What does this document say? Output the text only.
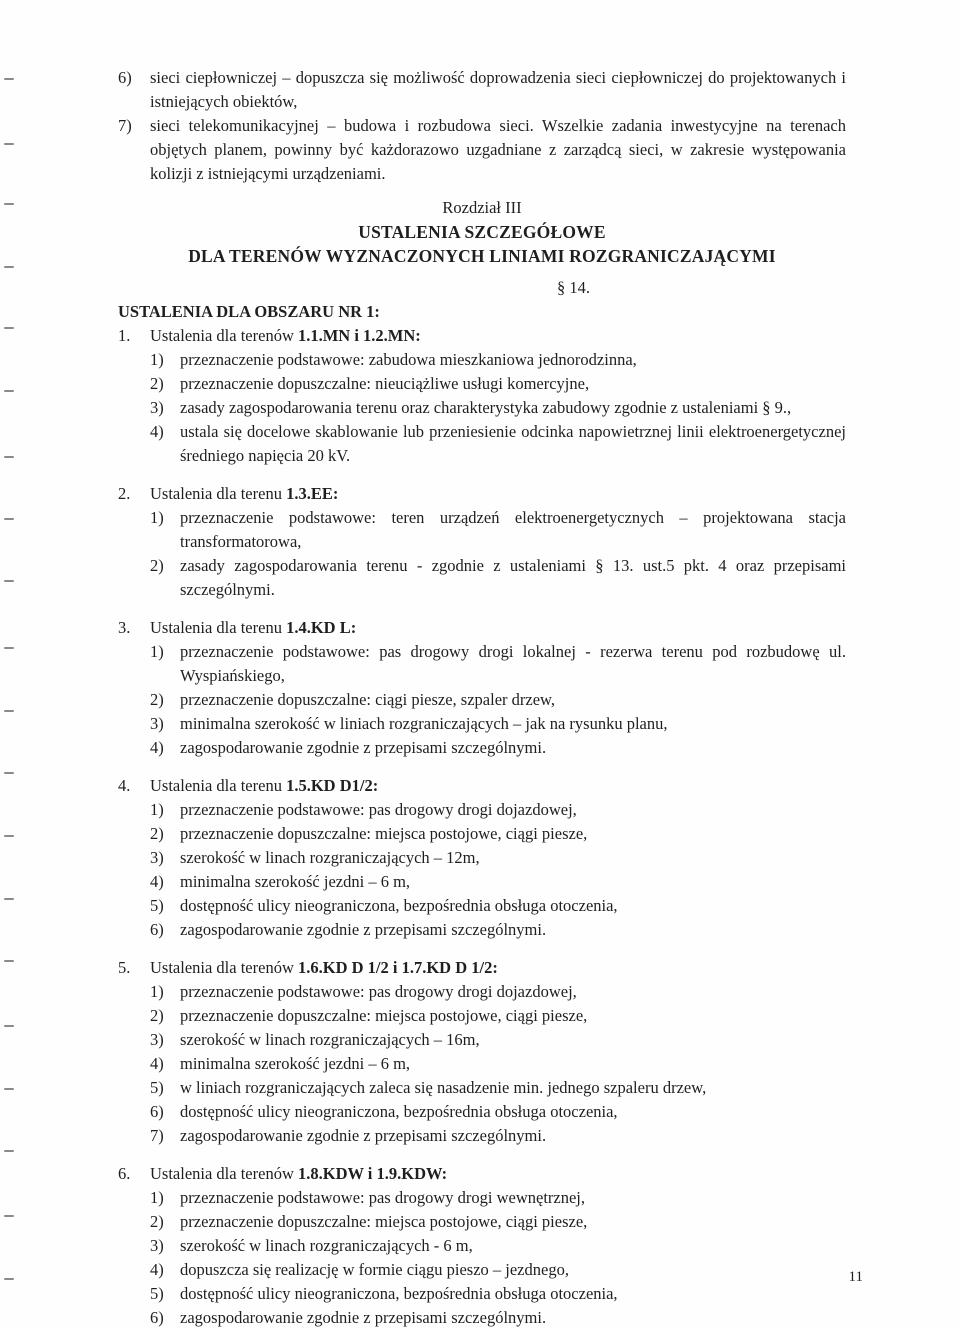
6)	sieci ciepłowniczej – dopuszcza się możliwość doprowadzenia sieci ciepłowniczej do projektowanych i istniejących obiektów,
7)	sieci telekomunikacyjnej – budowa i rozbudowa sieci. Wszelkie zadania inwestycyjne na terenach objętych planem, powinny być każdorazowo uzgadniane z zarządcą sieci, w zakresie występowania kolizji z istniejącymi urządzeniami.
Rozdział III
USTALENIA SZCZEGÓŁOWE
DLA TERENÓW WYZNACZONYCH LINIAMI ROZGRANICZAJĄCYMI
§ 14.
USTALENIA DLA OBSZARU NR 1:
1.	Ustalenia dla terenów 1.1.MN i 1.2.MN:
1) przeznaczenie podstawowe: zabudowa mieszkaniowa jednorodzinna,
2) przeznaczenie dopuszczalne: nieuciążliwe usługi komercyjne,
3) zasady zagospodarowania terenu oraz charakterystyka zabudowy zgodnie z ustaleniami § 9.,
4) ustala się docelowe skablowanie lub przeniesienie odcinka napowietrznej linii elektroenergetycznej średniego napięcia 20 kV.
2.	Ustalenia dla terenu 1.3.EE:
1) przeznaczenie podstawowe: teren urządzeń elektroenergetycznych – projektowana stacja transformatorowa,
2) zasady zagospodarowania terenu - zgodnie z ustaleniami § 13. ust.5 pkt. 4 oraz przepisami szczególnymi.
3.	Ustalenia dla terenu 1.4.KD L:
1) przeznaczenie podstawowe: pas drogowy drogi lokalnej - rezerwa terenu pod rozbudowę ul. Wyspiańskiego,
2) przeznaczenie dopuszczalne: ciągi piesze, szpaler drzew,
3) minimalna szerokość w liniach rozgraniczających – jak na rysunku planu,
4) zagospodarowanie zgodnie z przepisami szczególnymi.
4.	Ustalenia dla terenu 1.5.KD D1/2:
1) przeznaczenie podstawowe: pas drogowy drogi dojazdowej,
2) przeznaczenie dopuszczalne: miejsca postojowe, ciągi piesze,
3) szerokość w linach rozgraniczających – 12m,
4) minimalna szerokość jezdni – 6 m,
5) dostępność ulicy nieograniczona, bezpośrednia obsługa otoczenia,
6) zagospodarowanie zgodnie z przepisami szczególnymi.
5.	Ustalenia dla terenów 1.6.KD D 1/2 i 1.7.KD D 1/2:
1) przeznaczenie podstawowe: pas drogowy drogi dojazdowej,
2) przeznaczenie dopuszczalne: miejsca postojowe, ciągi piesze,
3) szerokość w linach rozgraniczających – 16m,
4) minimalna szerokość jezdni – 6 m,
5) w liniach rozgraniczających zaleca się nasadzenie min. jednego szpaleru drzew,
6) dostępność ulicy nieograniczona, bezpośrednia obsługa otoczenia,
7) zagospodarowanie zgodnie z przepisami szczególnymi.
6.	Ustalenia dla terenów 1.8.KDW i 1.9.KDW:
1) przeznaczenie podstawowe: pas drogowy drogi wewnętrznej,
2) przeznaczenie dopuszczalne: miejsca postojowe, ciągi piesze,
3) szerokość w linach rozgraniczających - 6 m,
4) dopuszcza się realizację w formie ciągu pieszo – jezdnego,
5) dostępność ulicy nieograniczona, bezpośrednia obsługa otoczenia,
6) zagospodarowanie zgodnie z przepisami szczególnymi.
11
